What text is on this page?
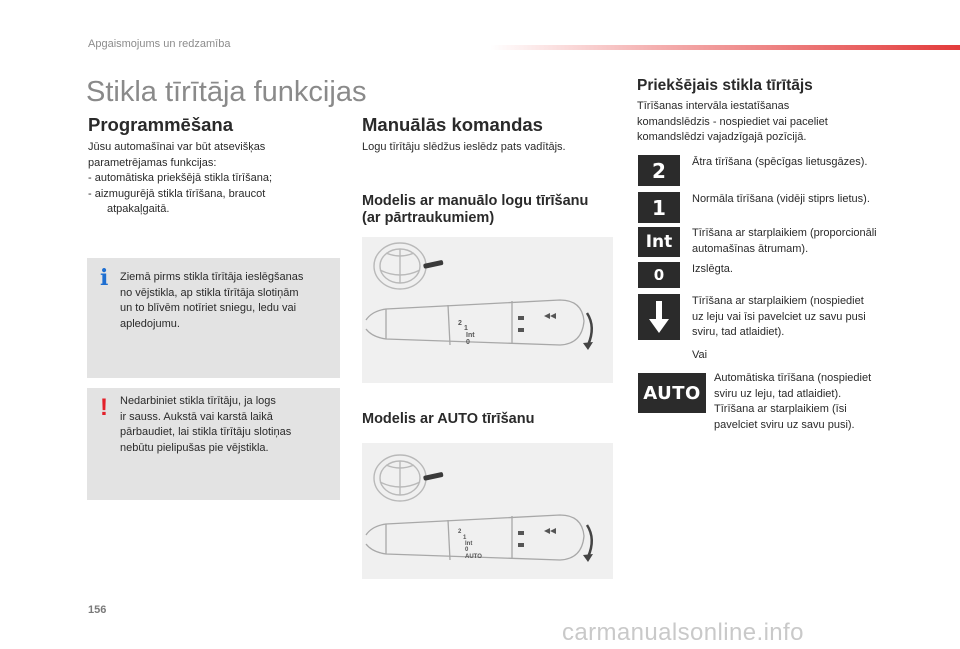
Apgaismojums un redzamība
Stikla tīrītāja funkcijas
Programmēšana
Jūsu automašīnai var būt atsevišķas
parametrējamas funkcijas:
- automātiska priekšējā stikla tīrīšana;
- aizmugurējā stikla tīrīšana, braucot
atpakaļgaitā.
i Ziemā pirms stikla tīrītāja ieslēgšanas
no vējstikla, ap stikla tīrītāja slotiņām
un to blīvēm notīriet sniegu, ledu vai
apledojumu.
! Nedarbiniet stikla tīrītāju, ja logs
ir sauss. Aukstā vai karstā laikā
pārbaudiet, lai stikla tīrītāju slotiņas
nebūtu pielipušas pie vējstikla.
Manuālās komandas
Logu tīrītāju slēdžus ieslēdz pats vadītājs.
Modelis ar manuālo logu tīrīšanu
(ar pārtraukumiem)
2
1
Int
0
Modelis ar AUTO tīrīšanu
2
1
Int
0
AUTO
Priekšējais stikla tīrītājs
Tīrīšanas intervāla iestatīšanas
komandslēdzis - nospiediet vai paceliet
komandslēdzi vajadzīgajā pozīcijā.
2	Ātra tīrīšana (spēcīgas lietusgāzes).
1	Normāla tīrīšana (vidēji stiprs lietus).
Int	Tīrīšana ar starplaikiem (proporcionāli
automašīnas ātrumam).
0	Izslēgta.
Tīrīšana ar starplaikiem (nospiediet
uz leju vai īsi pavelciet uz savu pusi
sviru, tad atlaidiet).
Vai
AUTO
Automātiska tīrīšana (nospiediet
sviru uz leju, tad atlaidiet).
Tīrīšana ar starplaikiem (īsi
pavelciet sviru uz savu pusi).
156
carmanualsonline.info
